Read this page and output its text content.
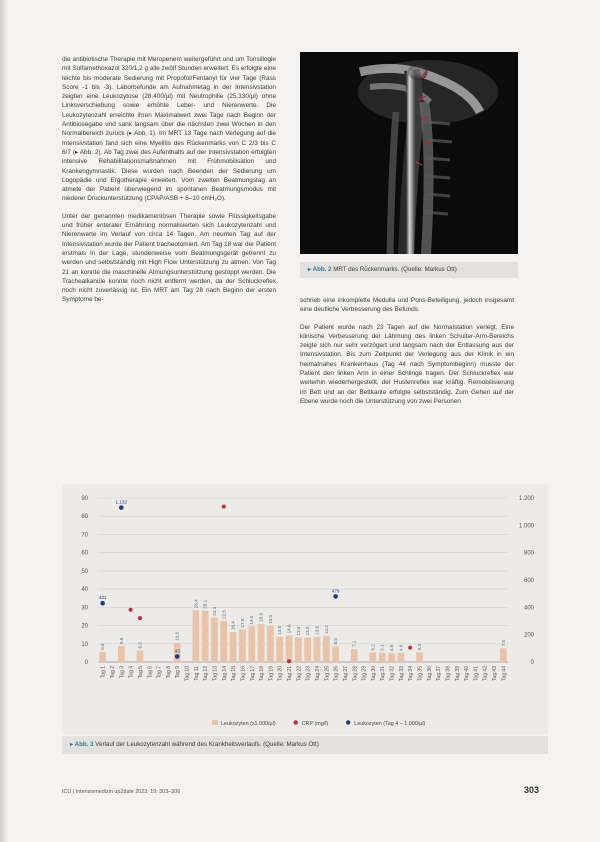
die antibiotische Therapie mit Meropenem weitergeführt und um Tonsillogie mit Sulfamethoxazol 320/1,2 g alle zwölf Stunden erweitert. Es erfolgte eine leichte bis moderate Sedierung mit Propofol/Fentanyl für vier Tage (Rass Score -1 bis -3). Laborbefunde am Aufnahmetag in der Intensivstation zeigten eine Leukozytose (28.400/µl) mit Neutrophilie (25.330/µl) ohne Linksverschiebung sowie erhöhte Leber- und Nierenwerte. Die Leukozytenzahl erreichte ihren Maximalwert zwei Tage nach Beginn der Antibiosegabe und sank langsam über die nächsten zwei Wochen in den Normalbereich zurück (▸ Abb. 1). Im MRT 13 Tage nach Verlegung auf die Intensivstation fand sich eine Myelitis des Rückenmarks von C 2/3 bis C 6/7 (▸ Abb. 2). Ab Tag zwei des Aufenthalts auf der Intensivstation erfolgten intensive Rehabilitationsmaßnahmen mit Frühmobilisation und Krankengymnastik. Diese wurden nach Beenden der Sedierung um Logopädie und Ergotherapie erweitert. Vom zweiten Beatmungstag an atmete der Patient überwiegend im spontanen Beatmungsmodus mit niederer Druckunterstützung (CPAP/ASB + 6–10 cmH₂O).

Unter der genannten medikamentösen Therapie sowie Flüssigkeitsgabe und früher enteraler Ernährung normalisierten sich Leukozytenzahl und Nierenwerte im Verlauf von circa 14 Tagen. Am neunten Tag auf der Intensivstation wurde der Patient tracheotomiert. Am Tag 18 war der Patient erstmals in der Lage, stundenweise vom Beatmungsgerät getrennt zu werden und selbstständig mit High Flow Unterstützung zu atmen. Von Tag 21 an konnte die maschinelle Atmungsunterstützung gestoppt werden. Die Trachealkanüle konnte noch nicht entfernt werden, da der Schluckreflex noch nicht zuverlässig ist. Ein MRT am Tag 28 nach Beginn der ersten Symptome be-

▸ Abb. 2 MRT des Rückenmarks. (Quelle: Markus Ott)

schrieb eine inkomplette Medulla und Pons-Beteiligung, jedoch insgesamt eine deutliche Verbesserung des Befunds.

Der Patient wurde nach 23 Tagen auf die Normalstation verlegt. Eine klinische Verbesserung der Lähmung des linken Schulter-Arm-Bereichs zeigte sich nur sehr verzögert und langsam nach der Entlassung aus der Intensivstation. Bis zum Zeitpunkt der Verlegung aus der Klinik in ein heimatnahes Krankenhaus (Tag 44 nach Symptombeginn) musste der Patient den linken Arm in einer Schlinge tragen. Der Schluckreflex war weiterhin wiederhergestellt, der Hustenreflex war kräftig. Remobilisierung im Bett und an der Bettkante erfolgte selbstständig. Zum Gehen auf der Ebene wurde noch die Unterstützung von zwei Personen

0
10
20
30
40
50
60
70
80
90
0
200
400
600
800
1.000
1.200
5.6
8.8
6.3
10.5
28.4 28.1
24.3 22.5
16.4 17.8 19.5 20.9 19.8
13.8 14.6 13.4 13.5 13.8 14.2
8.5	7.1
5.2 5.1 4.8 4.9	5.3
7.5
Tag 1 Tag 2 Tag 3 Tag 4 Tag 5 Tag 6 Tag 7 Tag 8 Tag 9 Tag 10 Tag 11 Tag 12 Tag 13 Tag 14 Tag 15 Tag 16 Tag 17 Tag 18 Tag 19 Tag 20 Tag 21 Tag 22 Tag 23 Tag 24 Tag 25 Tag 26 Tag 27 Tag 28 Tag 29 Tag 30 Tag 31 Tag 32 Tag 33 Tag 34 Tag 35 Tag 36 Tag 37 Tag 38 Tag 39 Tag 40 Tag 41 Tag 42 Tag 43 Tag 44
431
1.132
43
479
Leukozyten (x1.000/µl)	CRP (mg/l)	Leukozyten (Tag 4 – 1.000/µl)
▸ Abb. 3 Verlauf der Leukozytenzahl während des Krankheitsverlaufs. (Quelle: Markus Ott)
ICU | Intensivmedizin up2date 2023; 19: 303–306	303
